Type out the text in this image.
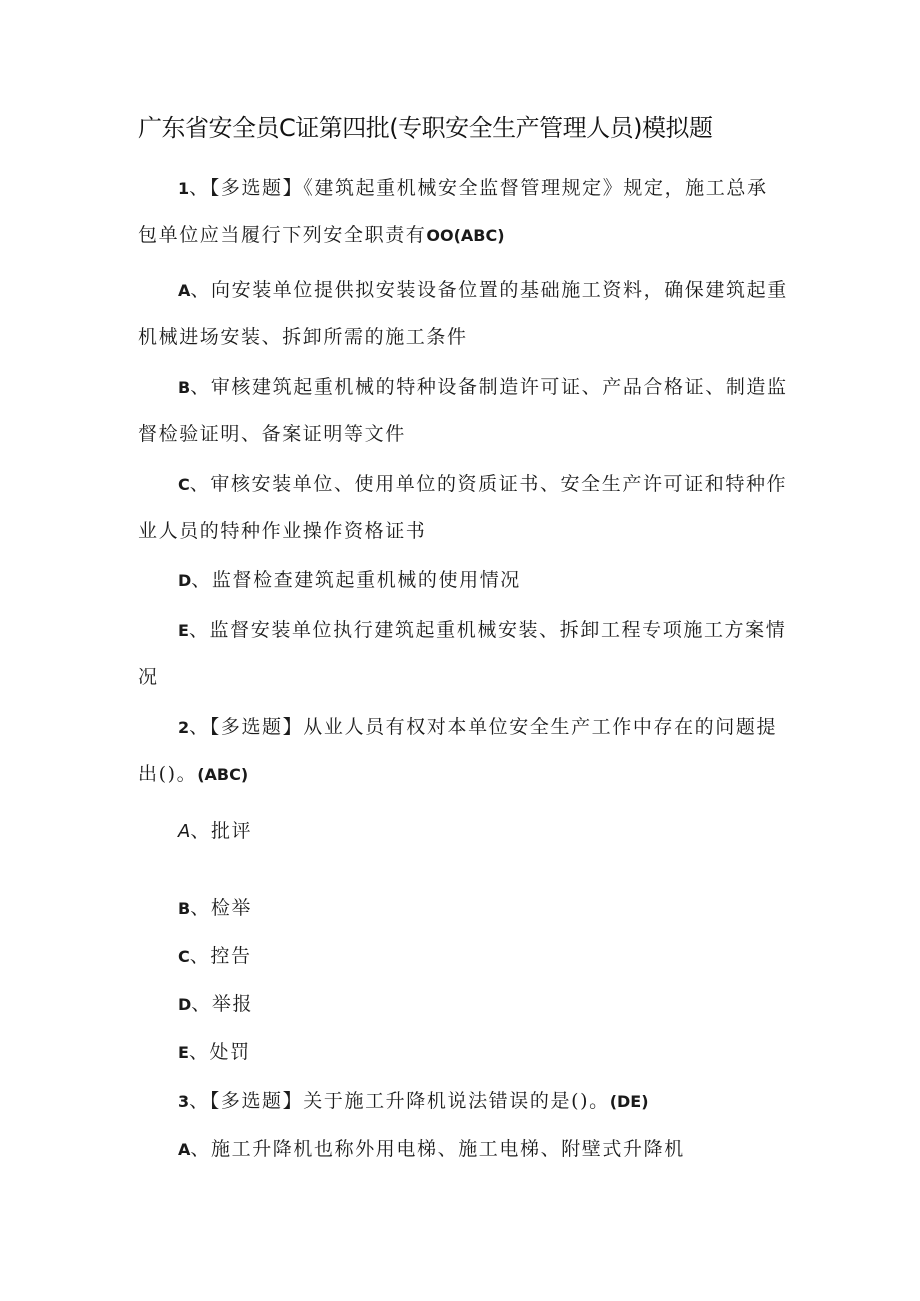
广东省安全员C证第四批(专职安全生产管理人员)模拟题
1、【多选题】《建筑起重机械安全监督管理规定》规定，施工总承包单位应当履行下列安全职责有OO(ABC)
A、向安装单位提供拟安装设备位置的基础施工资料，确保建筑起重机械进场安装、拆卸所需的施工条件
B、审核建筑起重机械的特种设备制造许可证、产品合格证、制造监督检验证明、备案证明等文件
C、审核安装单位、使用单位的资质证书、安全生产许可证和特种作业人员的特种作业操作资格证书
D、监督检查建筑起重机械的使用情况
E、监督安装单位执行建筑起重机械安装、拆卸工程专项施工方案情况
2、【多选题】从业人员有权对本单位安全生产工作中存在的问题提出()。(ABC)
A、批评
B、检举
C、控告
D、举报
E、处罚
3、【多选题】关于施工升降机说法错误的是()。(DE)
A、施工升降机也称外用电梯、施工电梯、附壁式升降机
